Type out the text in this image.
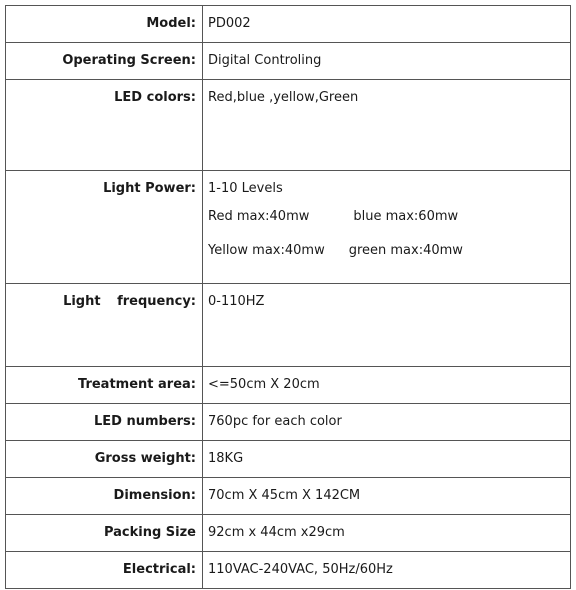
Model:	PD002

Operating Screen:	Digital Controling

LED colors:	Red,blue ,yellow,Green

Light Power:	1-10 Levels
Red max:40mw blue max:60mw
Yellow max:40mw green max:40mw

Light frequency:	0-110HZ

Treatment area:	<=50cm X 20cm

LED numbers:	760pc for each color

Gross weight:	18KG

Dimension:	70cm X 45cm X 142CM

Packing Size	92cm x 44cm x29cm

Electrical:	110VAC-240VAC, 50Hz/60Hz
